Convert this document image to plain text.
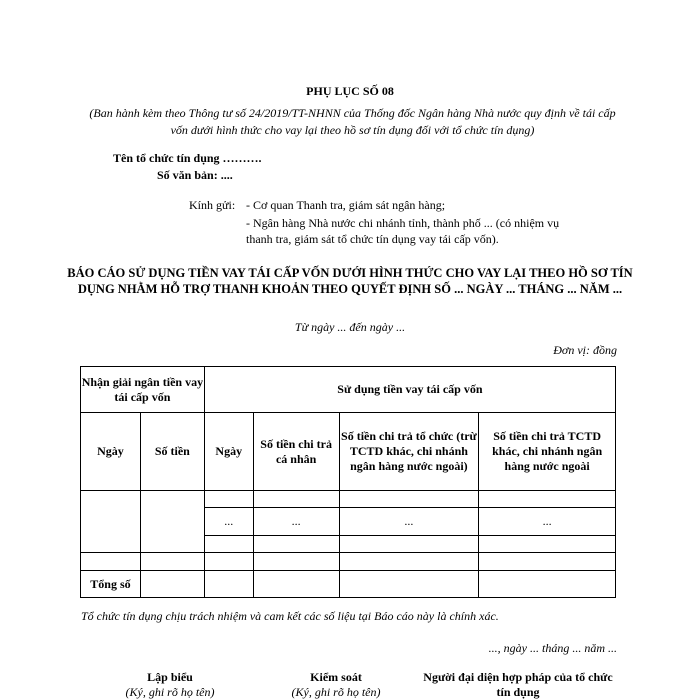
PHỤ LỤC SỐ 08
(Ban hành kèm theo Thông tư số 24/2019/TT-NHNN của Thống đốc Ngân hàng Nhà nước quy định về tái cấp vốn dưới hình thức cho vay lại theo hồ sơ tín dụng đối với tổ chức tín dụng)
Tên tổ chức tín dụng ……….
Số văn bản: ....
Kính gửi: - Cơ quan Thanh tra, giám sát ngân hàng;
- Ngân hàng Nhà nước chi nhánh tỉnh, thành phố ... (có nhiệm vụ thanh tra, giám sát tổ chức tín dụng vay tái cấp vốn).
BÁO CÁO SỬ DỤNG TIỀN VAY TÁI CẤP VỐN DƯỚI HÌNH THỨC CHO VAY LẠI THEO HỒ SƠ TÍN DỤNG NHẰM HỖ TRỢ THANH KHOẢN THEO QUYẾT ĐỊNH SỐ ... NGÀY ... THÁNG ... NĂM ...
Từ ngày ... đến ngày ...
Đơn vị: đồng
Nhận giải ngân tiền vay tái cấp vốn		Sử dụng tiền vay tái cấp vốn			
Ngày	Số tiền	Ngày	Số tiền chi trả cá nhân	Số tiền chi trả tổ chức (trừ TCTD khác, chi nhánh ngân hàng nước ngoài)	Số tiền chi trả TCTD khác, chi nhánh ngân hàng nước ngoài

		...	...	...	...

Tổng số					
Tổ chức tín dụng chịu trách nhiệm và cam kết các số liệu tại Báo cáo này là chính xác.
..., ngày ... tháng ... năm ...
Lập biểu
(Ký, ghi rõ họ tên)
Kiểm soát
(Ký, ghi rõ họ tên)
Người đại diện hợp pháp của tổ chức tín dụng
